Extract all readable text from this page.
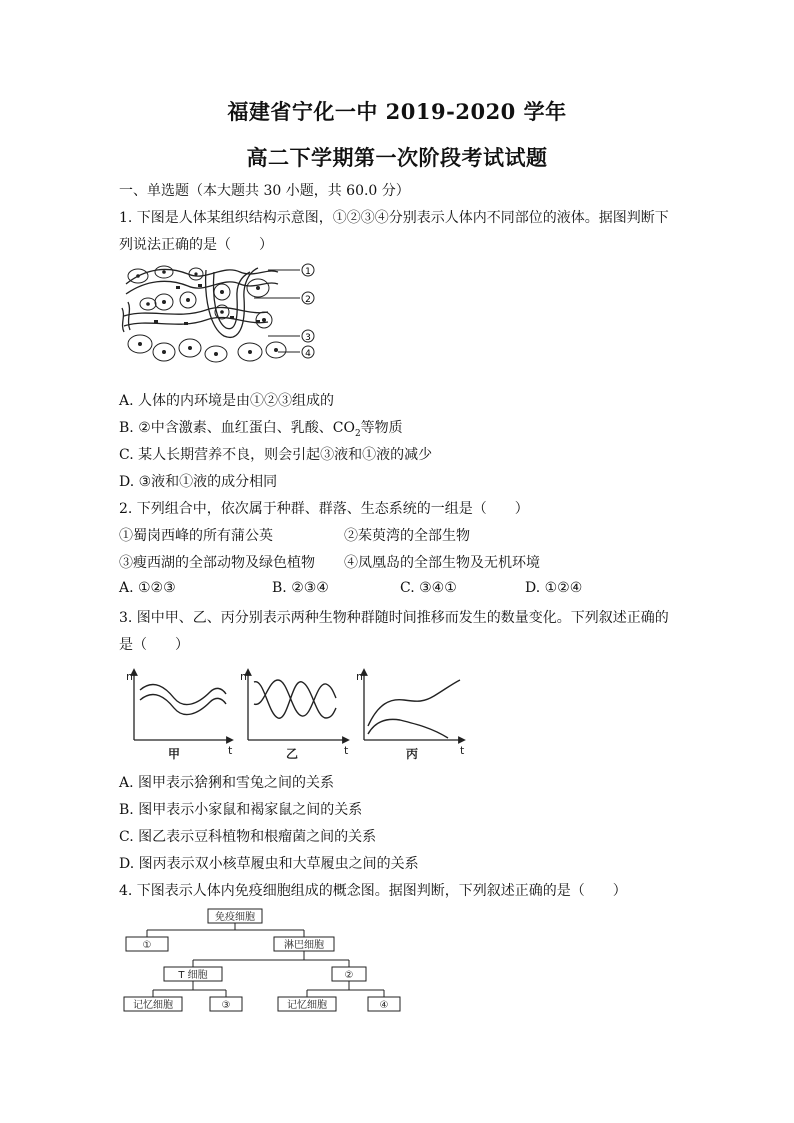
福建省宁化一中 2019-2020 学年
高二下学期第一次阶段考试试题
一、单选题（本大题共 30 小题，共 60.0 分）
1. 下图是人体某组织结构示意图，①②③④分别表示人体内不同部位的液体。据图判断下
列说法正确的是（　　）
1
2
3
4
A. 人体的内环境是由①②③组成的
B. ②中含激素、血红蛋白、乳酸、$CO_2$等物质
C. 某人长期营养不良，则会引起③液和①液的减少
D. ③液和①液的成分相同
2. 下列组合中，依次属于种群、群落、生态系统的一组是（　　）
①蜀岗西峰的所有蒲公英	②茱萸湾的全部生物
③瘦西湖的全部动物及绿色植物 ④凤凰岛的全部生物及无机环境
A. ①②③	B. ②③④	C. ③④①	D. ①②④
3. 图中甲、乙、丙分别表示两种生物种群随时间推移而发生的数量变化。下列叙述正确的
是（　　）
n
t
n
t
n
t
甲	乙	丙
A. 图甲表示猞猁和雪兔之间的关系
B. 图甲表示小家鼠和褐家鼠之间的关系
C. 图乙表示豆科植物和根瘤菌之间的关系
D. 图丙表示双小核草履虫和大草履虫之间的关系
4. 下图表示人体内免疫细胞组成的概念图。据图判断，下列叙述正确的是（　　）
免疫细胞
①	淋巴细胞
T 细胞	②
记忆细胞	③	记忆细胞	④
